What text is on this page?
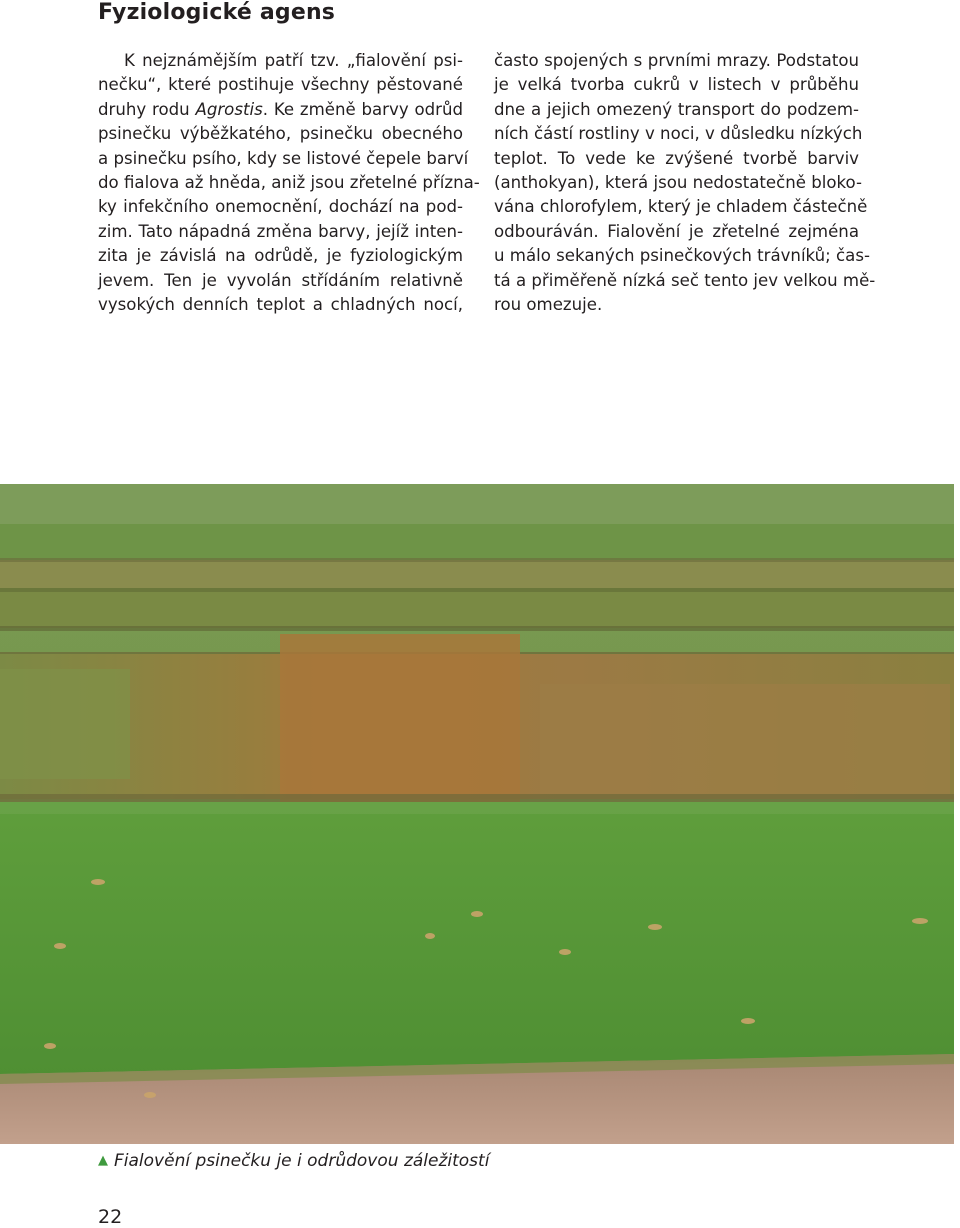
Fyziologické agens
K nejznámějším patří tzv. „fialovění psi-
nečku“, které postihuje všechny pěstované
druhy rodu Agrostis. Ke změně barvy odrůd
psinečku výběžkatého, psinečku obecného
a psinečku psího, kdy se listové čepele barví
do fialova až hněda, aniž jsou zřetelné přízna-
ky infekčního onemocnění, dochází na pod-
zim. Tato nápadná změna barvy, jejíž inten-
zita je závislá na odrůdě, je fyziologickým
jevem. Ten je vyvolán střídáním relativně
vysokých denních teplot a chladných nocí,
často spojených s prvními mrazy. Podstatou
je velká tvorba cukrů v listech v průběhu
dne a jejich omezený transport do podzem-
ních částí rostliny v noci, v důsledku nízkých
teplot. To vede ke zvýšené tvorbě barviv
(anthokyan), která jsou nedostatečně bloko-
vána chlorofylem, který je chladem částečně
odbouráván. Fialovění je zřetelné zejména
u málo sekaných psinečkových trávníků; čas-
tá a přiměřeně nízká seč tento jev velkou mě-
rou omezuje.
▲ Fialovění psinečku je i odrůdovou záležitostí
22
